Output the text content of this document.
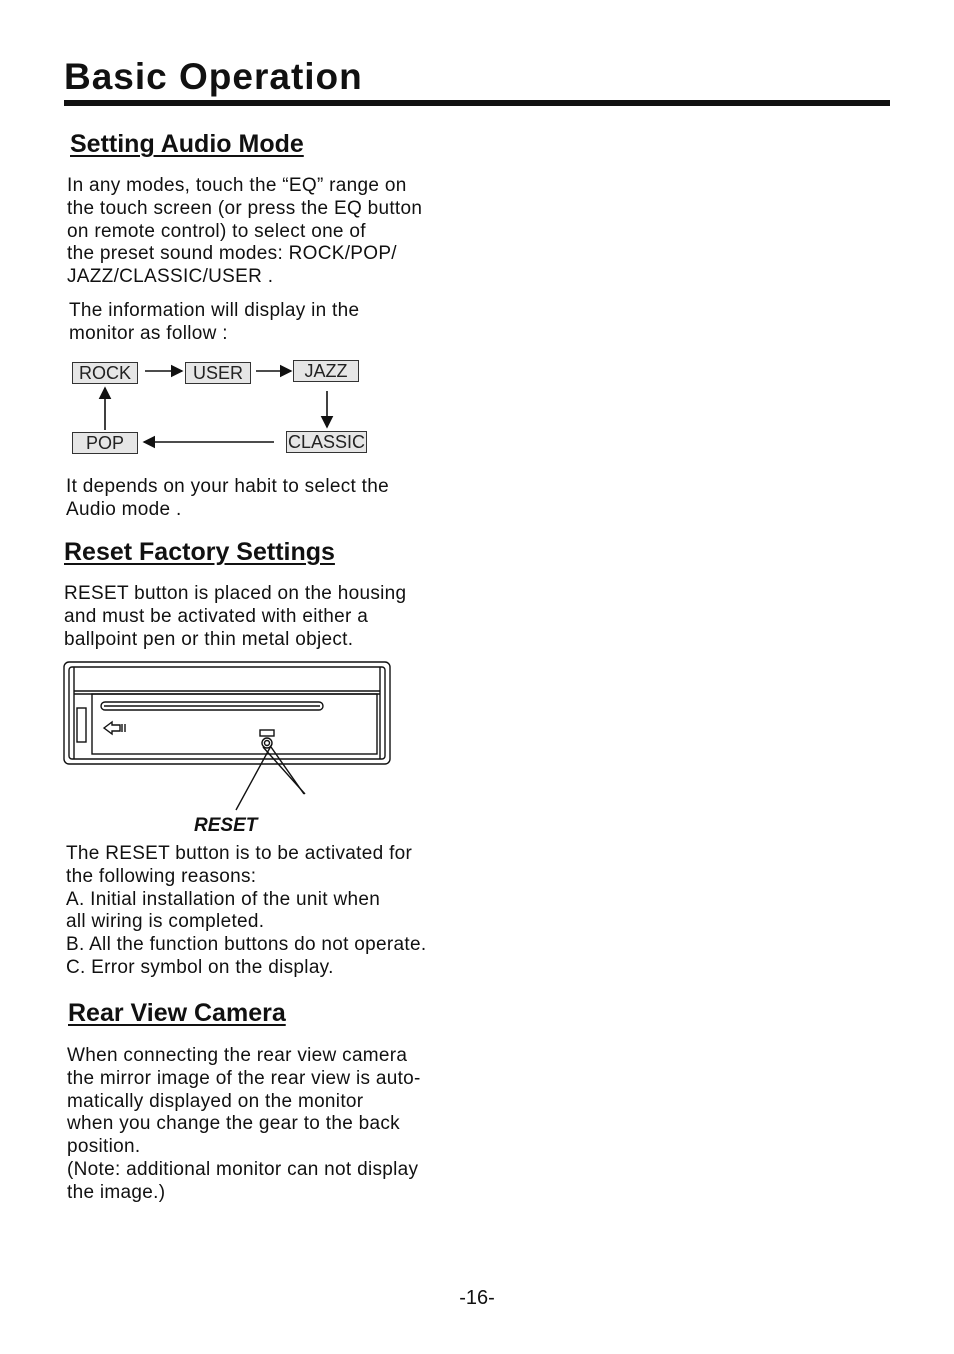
Basic Operation
Setting Audio Mode

In any modes, touch the “EQ” range on
the touch screen (or press the EQ button
on remote control) to select one of
the preset sound modes: ROCK/POP/
JAZZ/CLASSIC/USER .

The information will display in the
monitor as follow :

ROCK	USER	JAZZ
CLASSIC
POP

It depends on your habit to select the
Audio mode .

Reset Factory Settings

RESET button is placed on the housing
and must be activated with either a
ballpoint pen or thin metal object.

RESET

The RESET button is to be activated for
the following reasons:
A. Initial installation of the unit when
all wiring is completed.
B. All the function buttons do not operate.
C. Error symbol on the display.

Rear View Camera

When connecting the rear view camera
the mirror image of the rear view is auto-
matically displayed on the monitor
when you change the gear to the back
position.
(Note: additional monitor can not display
the image.)

-16-
